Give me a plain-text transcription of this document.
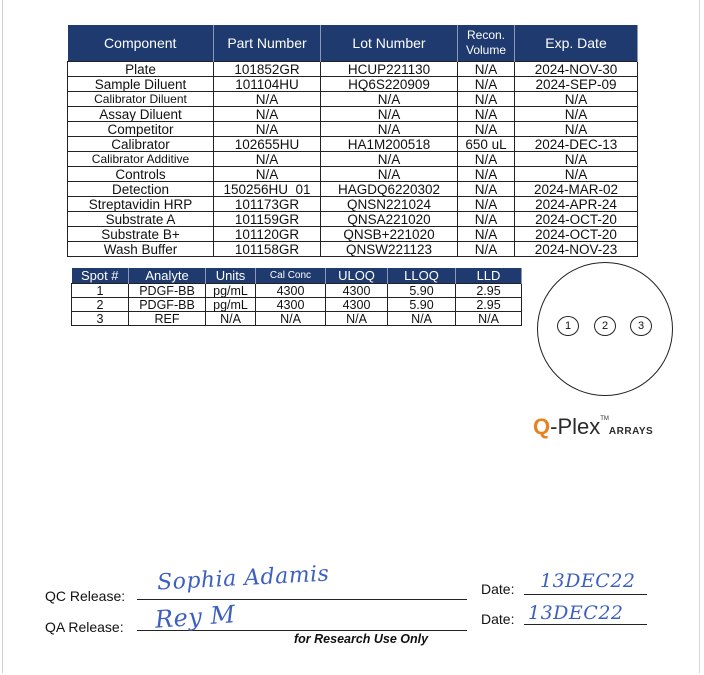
Component	Part Number	Lot Number	Recon. Volume	Exp. Date
Plate	101852GR	HCUP221130	N/A	2024-NOV-30
Sample Diluent	101104HU	HQ6S220909	N/A	2024-SEP-09
Calibrator Diluent	N/A	N/A	N/A	N/A
Assay Diluent	N/A	N/A	N/A	N/A
Competitor	N/A	N/A	N/A	N/A
Calibrator	102655HU	HA1M200518	650 uL	2024-DEC-13
Calibrator Additive	N/A	N/A	N/A	N/A
Controls	N/A	N/A	N/A	N/A
Detection	150256HU_01	HAGDQ6220302	N/A	2024-MAR-02
Streptavidin HRP	101173GR	QNSN221024	N/A	2024-APR-24
Substrate A	101159GR	QNSA221020	N/A	2024-OCT-20
Substrate B+	101120GR	QNSB+221020	N/A	2024-OCT-20
Wash Buffer	101158GR	QNSW221123	N/A	2024-NOV-23
Spot #	Analyte	Units	Cal Conc	ULOQ	LLOQ	LLD
1	PDGF-BB	pg/mL	4300	4300	5.90	2.95
2	PDGF-BB	pg/mL	4300	4300	5.90	2.95
3	REF	N/A	N/A	N/A	N/A	N/A
1	2	3
Q-Plex™ARRAYS
QC Release:
Sophia Adamis	Date: 13DEC22
QA Release: Rey M	Date: 13DEC22
for Research Use Only
